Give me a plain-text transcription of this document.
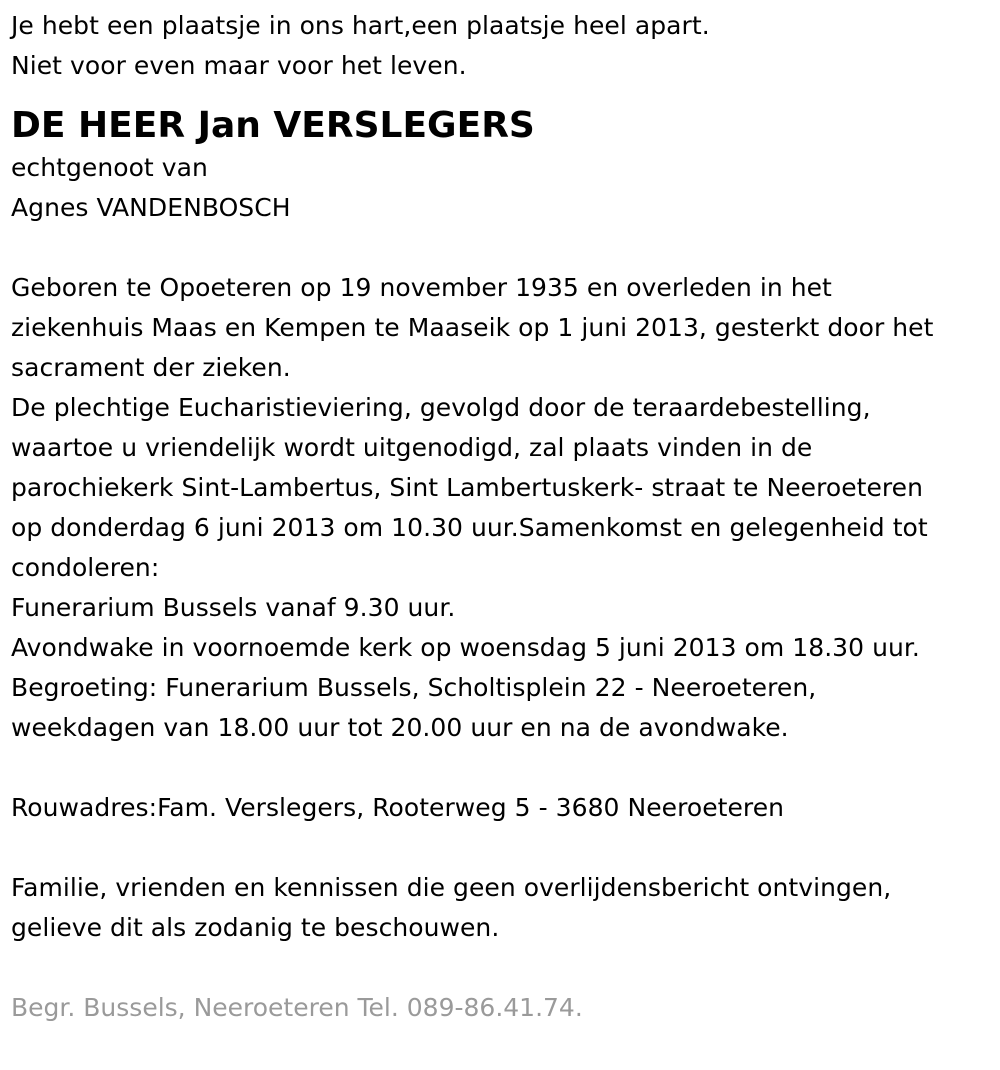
Je hebt een plaatsje in ons hart,een plaatsje heel apart.
Niet voor even maar voor het leven.
DE HEER Jan VERSLEGERS
echtgenoot van
Agnes VANDENBOSCH
Geboren te Opoeteren op 19 november 1935 en overleden in het
ziekenhuis Maas en Kempen te Maaseik op 1 juni 2013, gesterkt door het
sacrament der zieken.
De plechtige Eucharistieviering, gevolgd door de teraardebestelling,
waartoe u vriendelijk wordt uitgenodigd, zal plaats vinden in de
parochiekerk Sint-Lambertus, Sint Lambertuskerk- straat te Neeroeteren
op donderdag 6 juni 2013 om 10.30 uur.Samenkomst en gelegenheid tot
condoleren:
Funerarium Bussels vanaf 9.30 uur.
Avondwake in voornoemde kerk op woensdag 5 juni 2013 om 18.30 uur.
Begroeting: Funerarium Bussels, Scholtisplein 22 - Neeroeteren,
weekdagen van 18.00 uur tot 20.00 uur en na de avondwake.
Rouwadres:Fam. Verslegers, Rooterweg 5 - 3680 Neeroeteren
Familie, vrienden en kennissen die geen overlijdensbericht ontvingen,
gelieve dit als zodanig te beschouwen.
Begr. Bussels, Neeroeteren Tel. 089-86.41.74.
